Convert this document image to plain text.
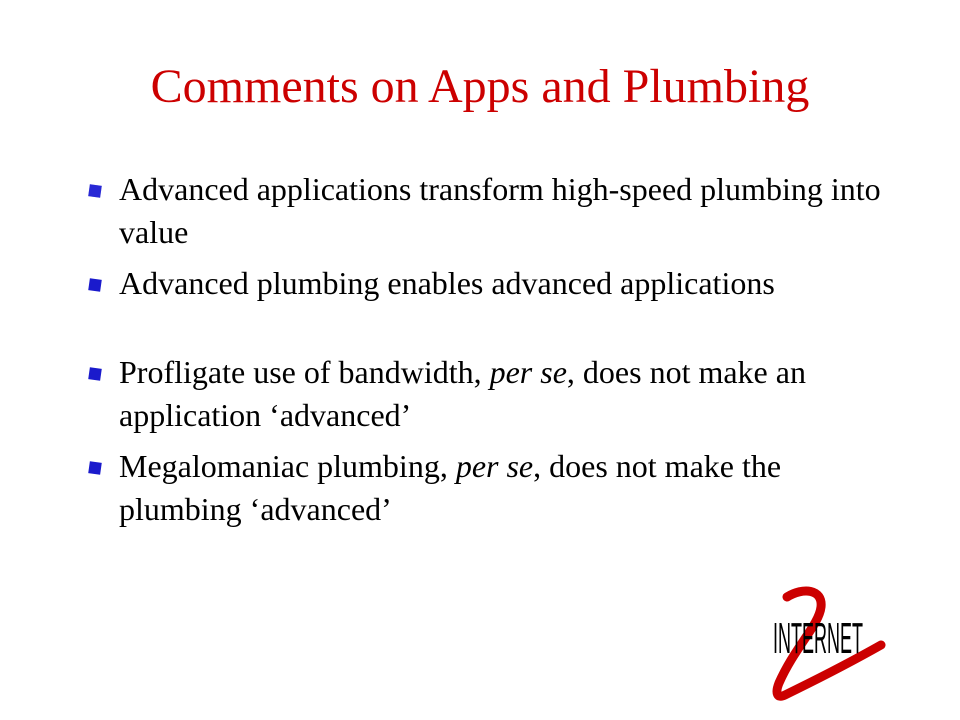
Comments on Apps and Plumbing
Advanced applications transform high-speed plumbing into value
Advanced plumbing enables advanced applications
Profligate use of bandwidth, per se, does not make an application ‘advanced’
Megalomaniac plumbing, per se, does not make the plumbing ‘advanced’
INTERNET
